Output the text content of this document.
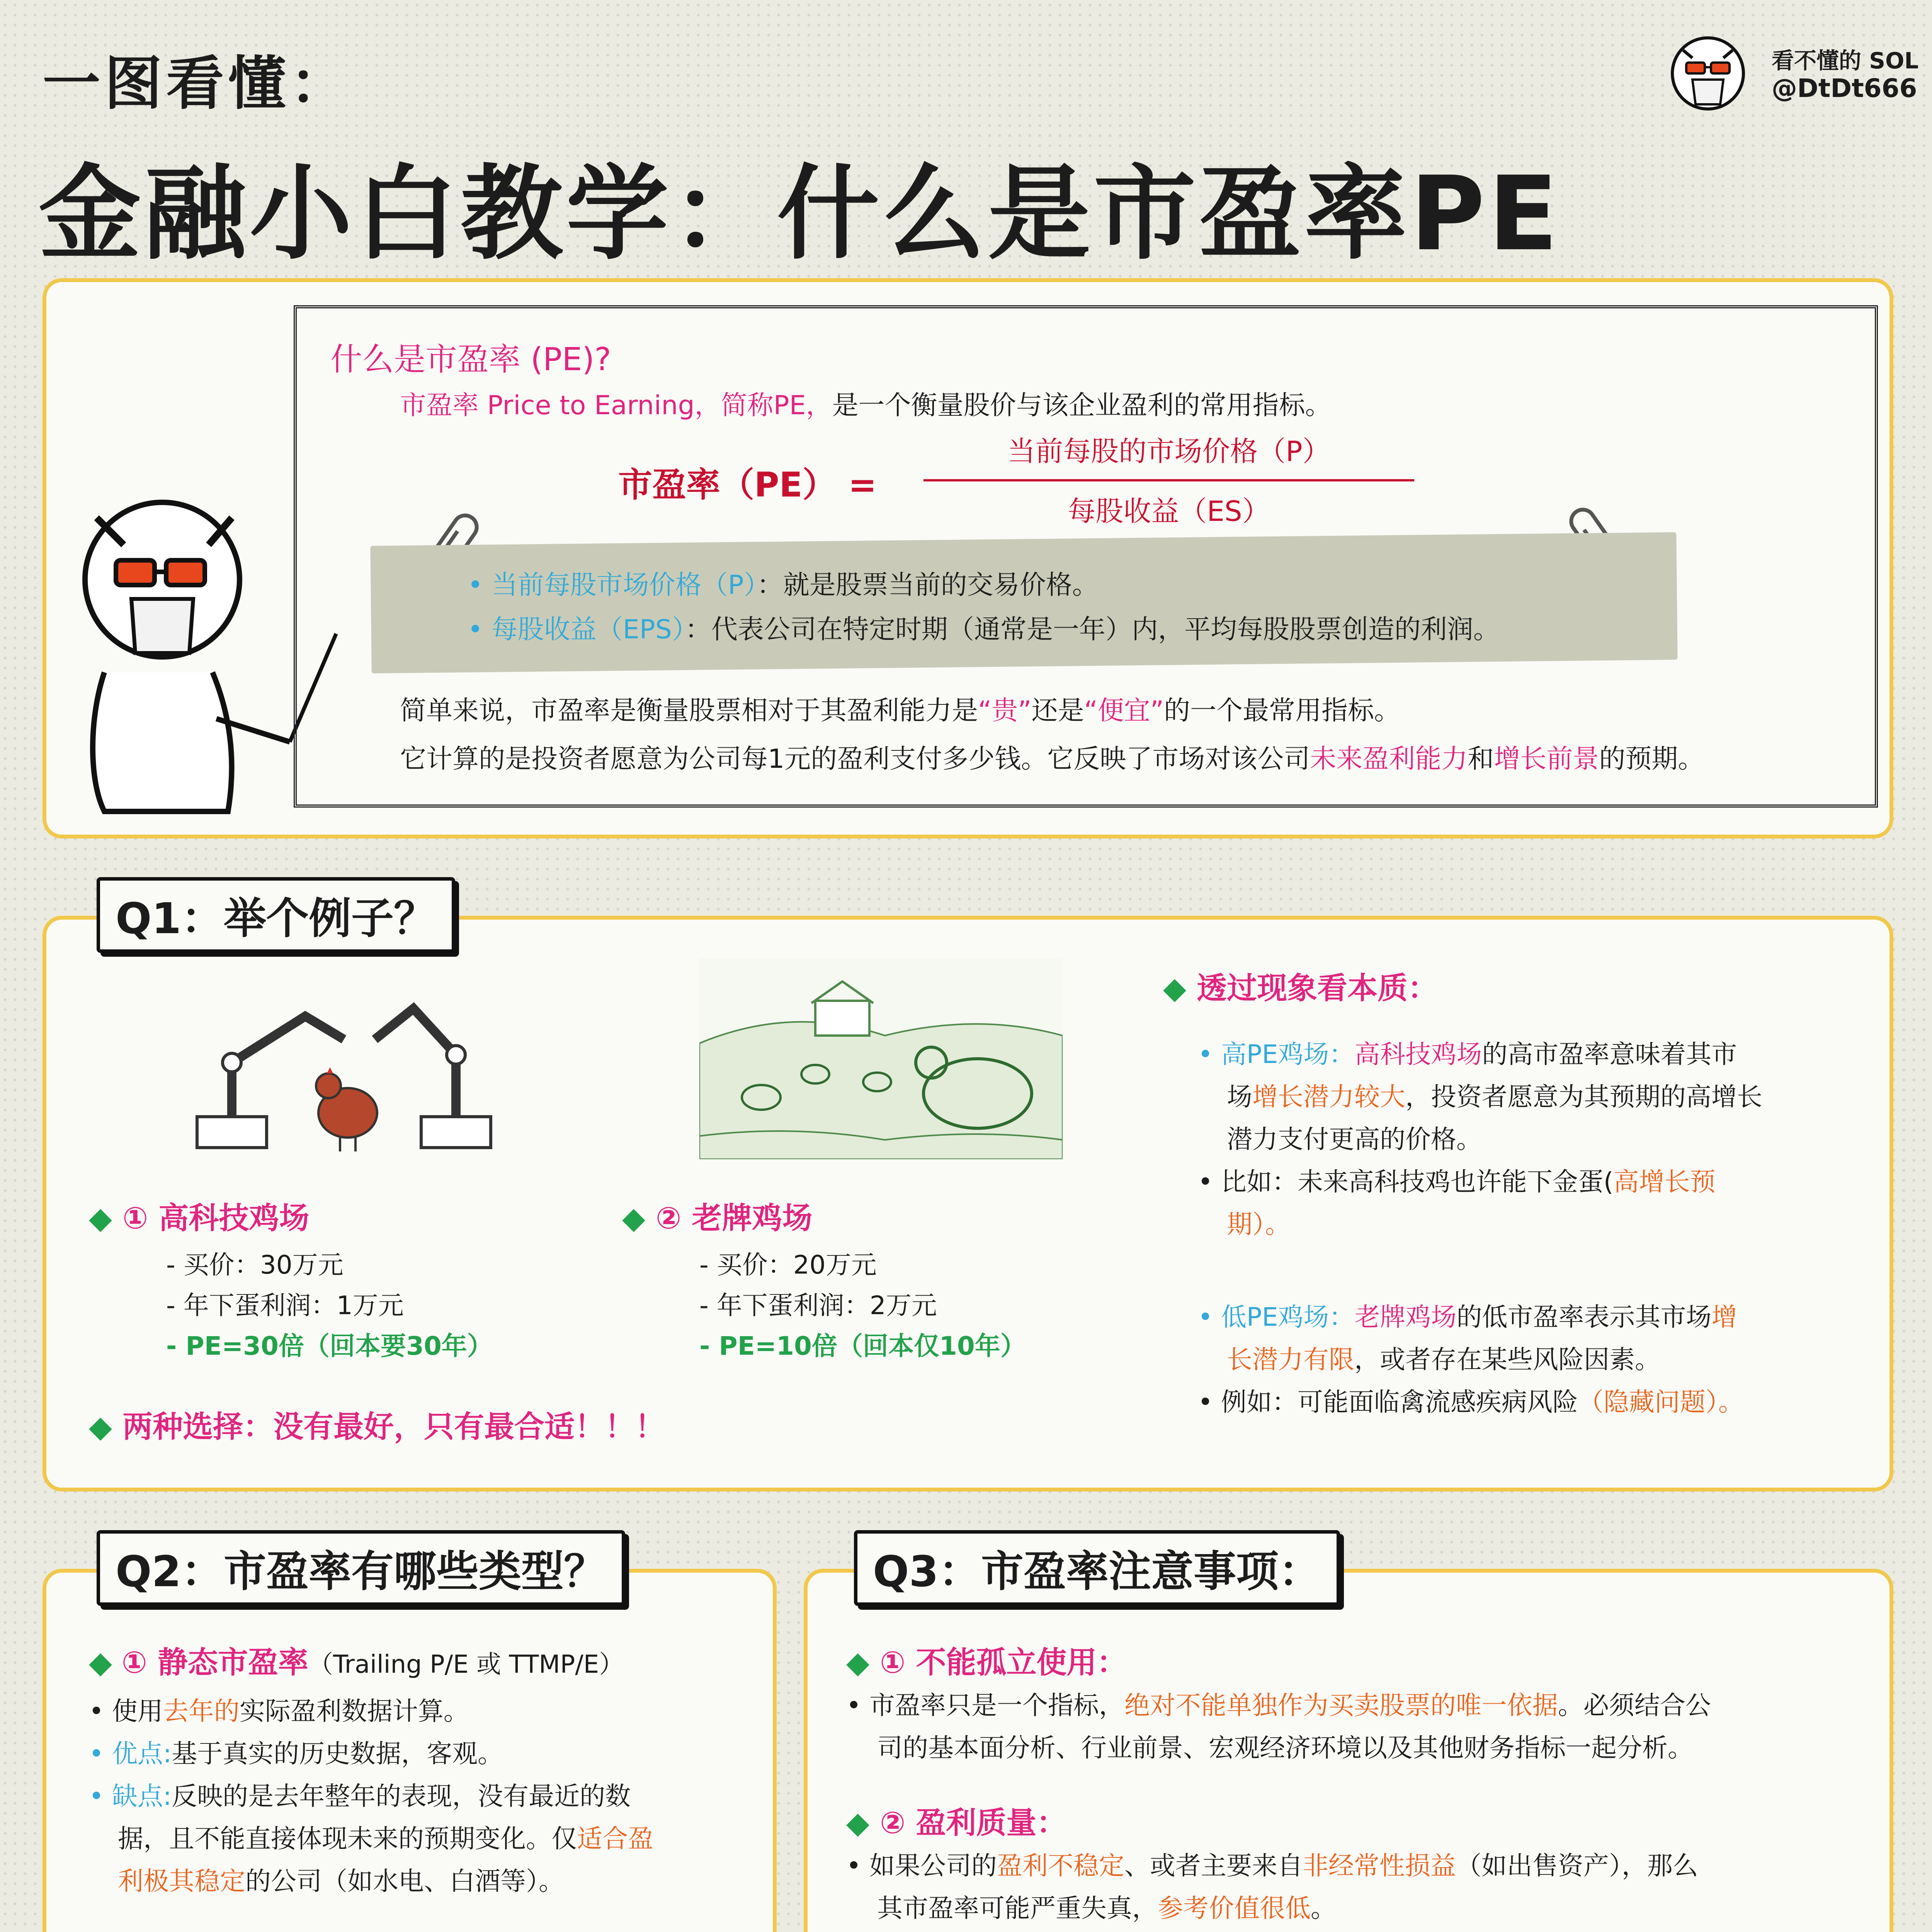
一图看懂：
金融小白教学：什么是市盈率PE
看不懂的 SOL
@DtDt666
什么是市盈率 (PE)?
市盈率 Price to Earning，简称PE，是一个衡量股价与该企业盈利的常用指标。
市盈率（PE） =
当前每股的市场价格（P）
每股收益（ES）
• 当前每股市场价格（P）：就是股票当前的交易价格。
• 每股收益（EPS）：代表公司在特定时期（通常是一年）内，平均每股股票创造的利润。
简单来说，市盈率是衡量股票相对于其盈利能力是“贵”还是“便宜”的一个最常用指标。
它计算的是投资者愿意为公司每1元的盈利支付多少钱。它反映了市场对该公司未来盈利能力和增长前景的预期。
Q1：举个例子？
◆ ① 高科技鸡场
- 买价：30万元
- 年下蛋利润：1万元
- PE=30倍（回本要30年）
◆ ② 老牌鸡场
- 买价：20万元
- 年下蛋利润：2万元
- PE=10倍（回本仅10年）
◆ 两种选择：没有最好，只有最合适！！！
◆ 透过现象看本质：
• 高PE鸡场：高科技鸡场的高市盈率意味着其市
场增长潜力较大，投资者愿意为其预期的高增长
潜力支付更高的价格。
• 比如：未来高科技鸡也许能下金蛋(高增长预
期）。
• 低PE鸡场：老牌鸡场的低市盈率表示其市场增
长潜力有限，或者存在某些风险因素。
• 例如：可能面临禽流感疾病风险（隐藏问题）。
Q2：市盈率有哪些类型？
◆ ① 静态市盈率（Trailing P/E 或 TTMP/E）
• 使用去年的实际盈利数据计算。
• 优点:基于真实的历史数据，客观。
• 缺点:反映的是去年整年的表现，没有最近的数
据，且不能直接体现未来的预期变化。仅适合盈
利极其稳定的公司（如水电、白酒等）。
Q3：市盈率注意事项：
◆ ① 不能孤立使用：
• 市盈率只是一个指标，绝对不能单独作为买卖股票的唯一依据。必须结合公
司的基本面分析、行业前景、宏观经济环境以及其他财务指标一起分析。
◆ ② 盈利质量：
• 如果公司的盈利不稳定、或者主要来自非经常性损益（如出售资产），那么
其市盈率可能严重失真，参考价值很低。
